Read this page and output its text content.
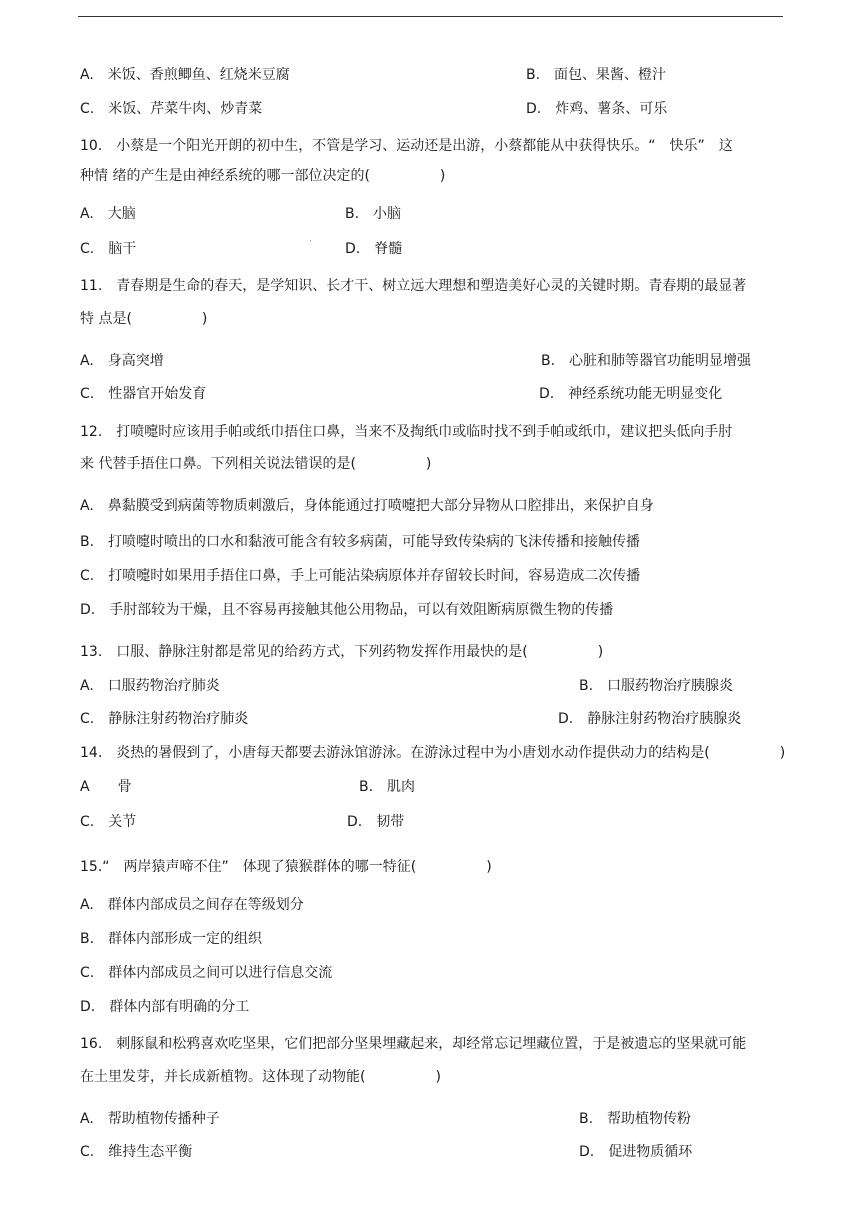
A.　米饭、香煎鲫鱼、红烧米豆腐	B.　面包、果酱、橙汁
C.　米饭、芹菜牛肉、炒青菜	D.　炸鸡、薯条、可乐
10.　小蔡是一个阳光开朗的初中生，不管是学习、运动还是出游，小蔡都能从中获得快乐。“　快乐”　这
种情 绪的产生是由神经系统的哪一部位决定的(　　　　　)
A.　大脑	B.　小脑
C.　脑干	D.　脊髓
11.　青春期是生命的春天，是学知识、长才干、树立远大理想和塑造美好心灵的关键时期。青春期的最显著
特 点是(　　　　　)
A.　身高突增	B.　心脏和肺等器官功能明显增强
C.　性器官开始发育	D.　神经系统功能无明显变化
12.　打喷嚏时应该用手帕或纸巾捂住口鼻，当来不及掏纸巾或临时找不到手帕或纸巾，建议把头低向手肘
来 代替手捂住口鼻。下列相关说法错误的是(　　　　　)
A.　鼻黏膜受到病菌等物质刺激后，身体能通过打喷嚏把大部分异物从口腔排出，来保护自身
B.　打喷嚏时喷出的口水和黏液可能含有较多病菌，可能导致传染病的飞沫传播和接触传播
C.　打喷嚏时如果用手捂住口鼻，手上可能沾染病原体并存留较长时间，容易造成二次传播
D.　手肘部较为干燥，且不容易再接触其他公用物品，可以有效阻断病原微生物的传播
13.　口服、静脉注射都是常见的给药方式，下列药物发挥作用最快的是(　　　　　)
A.　口服药物治疗肺炎	B.　口服药物治疗胰腺炎
C.　静脉注射药物治疗肺炎	D.　静脉注射药物治疗胰腺炎
14.　炎热的暑假到了，小唐每天都要去游泳馆游泳。在游泳过程中为小唐划水动作提供动力的结构是(　　　　　)
A　　骨	B.　肌肉
C.　关节	D.　韧带
15.“　两岸猿声啼不住”　体现了猿猴群体的哪一特征(　　　　　)
A.　群体内部成员之间存在等级划分
B.　群体内部形成一定的组织
C.　群体内部成员之间可以进行信息交流
D.　群体内部有明确的分工
16.　刺豚鼠和松鸦喜欢吃坚果，它们把部分坚果埋藏起来，却经常忘记埋藏位置，于是被遗忘的坚果就可能
在土里发芽，并长成新植物。这体现了动物能(　　　　　)
A.　帮助植物传播种子	B.　帮助植物传粉
C.　维持生态平衡	D.　促进物质循环
